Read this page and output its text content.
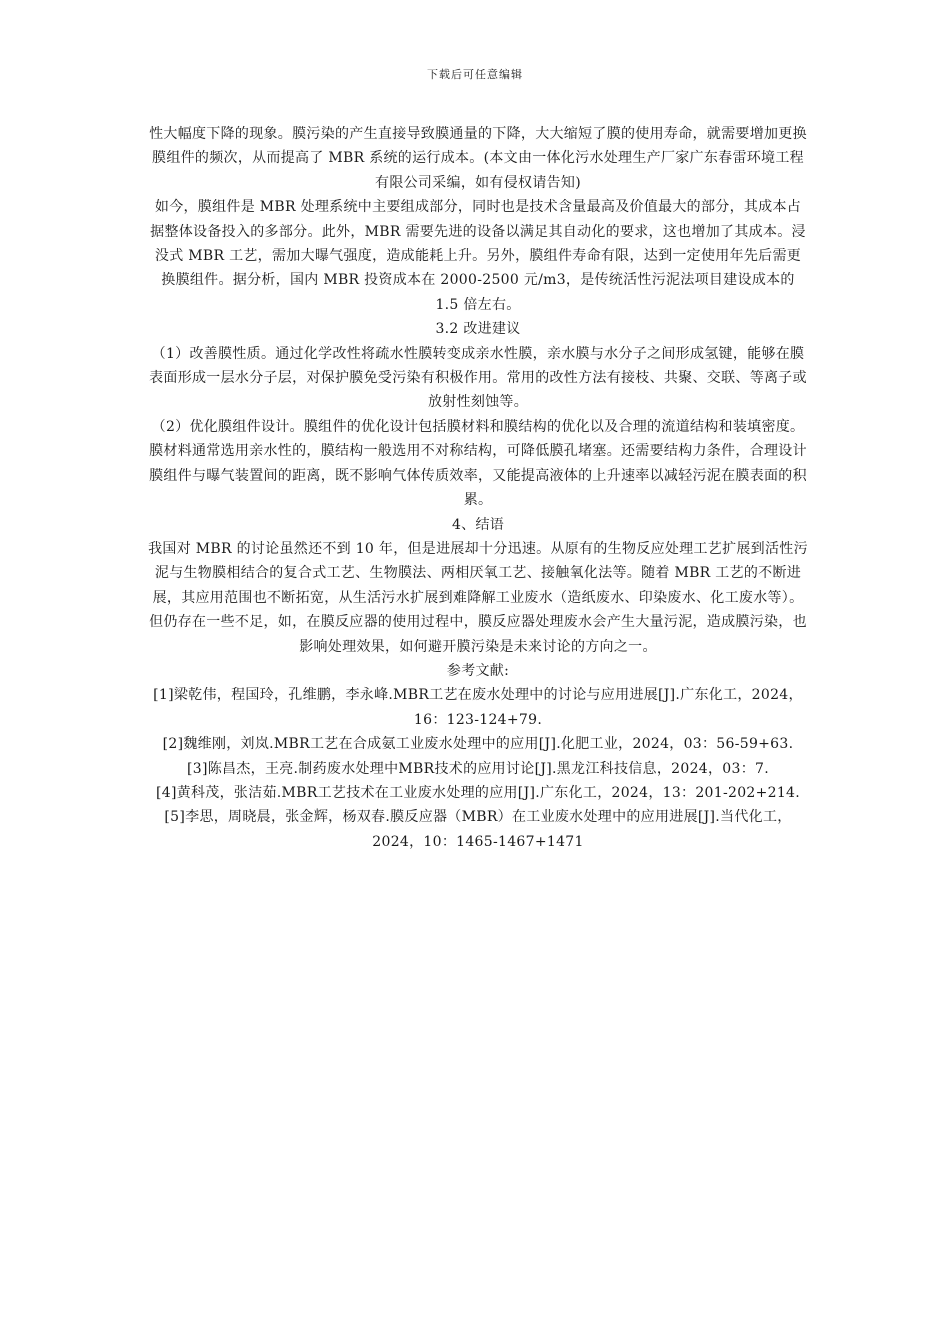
下载后可任意编辑

性大幅度下降的现象。膜污染的产生直接导致膜通量的下降，大大缩短了膜的使用寿命，就需要增加更换膜组件的频次，从而提高了 MBR 系统的运行成本。(本文由一体化污水处理生产厂家广东春雷环境工程有限公司采编，如有侵权请告知)

如今，膜组件是 MBR 处理系统中主要组成部分，同时也是技术含量最高及价值最大的部分，其成本占据整体设备投入的多部分。此外，MBR 需要先进的设备以满足其自动化的要求，这也增加了其成本。浸没式 MBR 工艺，需加大曝气强度，造成能耗上升。另外，膜组件寿命有限，达到一定使用年先后需更换膜组件。据分析，国内 MBR 投资成本在 2000-2500 元/m3，是传统活性污泥法项目建设成本的 1.5 倍左右。

3.2 改进建议

（1）改善膜性质。通过化学改性将疏水性膜转变成亲水性膜，亲水膜与水分子之间形成氢键，能够在膜表面形成一层水分子层，对保护膜免受污染有积极作用。常用的改性方法有接枝、共聚、交联、等离子或放射性刻蚀等。

（2）优化膜组件设计。膜组件的优化设计包括膜材料和膜结构的优化以及合理的流道结构和装填密度。膜材料通常选用亲水性的，膜结构一般选用不对称结构，可降低膜孔堵塞。还需要结构力条件，合理设计膜组件与曝气装置间的距离，既不影响气体传质效率，又能提高液体的上升速率以减轻污泥在膜表面的积累。

4、结语

我国对 MBR 的讨论虽然还不到 10 年，但是进展却十分迅速。从原有的生物反应处理工艺扩展到活性污泥与生物膜相结合的复合式工艺、生物膜法、两相厌氧工艺、接触氧化法等。随着 MBR 工艺的不断进展，其应用范围也不断拓宽，从生活污水扩展到难降解工业废水（造纸废水、印染废水、化工废水等）。但仍存在一些不足，如，在膜反应器的使用过程中，膜反应器处理废水会产生大量污泥，造成膜污染，也影响处理效果，如何避开膜污染是未来讨论的方向之一。

参考文献:

[1]梁乾伟，程国玲，孔维鹏，李永峰.MBR工艺在废水处理中的讨论与应用进展[J].广东化工，2024，16：123-124+79.

[2]魏维刚，刘岚.MBR工艺在合成氨工业废水处理中的应用[J].化肥工业，2024，03：56-59+63.

[3]陈昌杰，王亮.制药废水处理中MBR技术的应用讨论[J].黑龙江科技信息，2024，03：7.

[4]黄科茂，张洁茹.MBR工艺技术在工业废水处理的应用[J].广东化工，2024，13：201-202+214.

[5]李思，周晓晨，张金辉，杨双春.膜反应器（MBR）在工业废水处理中的应用进展[J].当代化工，2024，10：1465-1467+1471
